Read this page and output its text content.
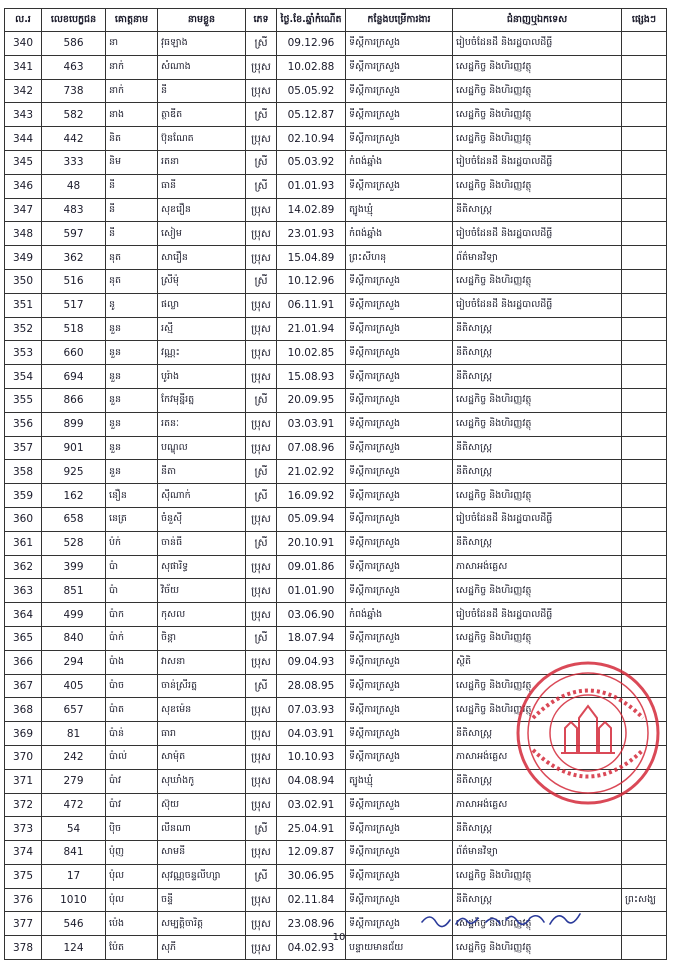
ល.រ	លេខបេក្ខជន	គោត្តនាម	នាមខ្លួន	ភេទ	ថ្ងៃ.ខែ.ឆ្នាំកំណើត	កន្លែងបម្រើការងារ	ជំនាញឬឯកទេស	ផ្សេងៗ
340	586	នា	វុធឡាង	ស្រី	09.12.96	ទីស្ដីការក្រសួង	រៀបចំដែនដី និងរដ្ឋបាលដីធ្លី	
341	463	នាក់	សំណាង	ប្រុស	10.02.88	ទីស្ដីការក្រសួង	សេដ្ឋកិច្ច និងហិរញ្ញវត្ថុ	
342	738	នាក់	នី	ប្រុស	05.05.92	ទីស្ដីការក្រសួង	សេដ្ឋកិច្ច និងហិរញ្ញវត្ថុ	
343	582	នាង	ត្ថាឌីត	ស្រី	05.12.87	ទីស្ដីការក្រសួង	សេដ្ឋកិច្ច និងហិរញ្ញវត្ថុ	
344	442	និត	ប៊ុនណែត	ប្រុស	02.10.94	ទីស្ដីការក្រសួង	សេដ្ឋកិច្ច និងហិរញ្ញវត្ថុ	
345	333	និម	រតនា	ស្រី	05.03.92	កំពង់ឆ្នាំង	រៀបចំដែនដី និងរដ្ឋបាលដីធ្លី	
346	48	នី	ធានី	ស្រី	01.01.93	ទីស្ដីការក្រសួង	សេដ្ឋកិច្ច និងហិរញ្ញវត្ថុ	
347	483	នី	សុខរឿន	ប្រុស	14.02.89	ត្បូងឃ្មុំ	នីតិសាស្ត្រ	
348	597	នី	សៀម	ប្រុស	23.01.93	កំពង់ឆ្នាំង	រៀបចំដែនដី និងរដ្ឋបាលដីធ្លី	
349	362	នុត	សារឿន	ប្រុស	15.04.89	ព្រះសីហនុ	ព័ត៌មានវិទ្យា	
350	516	នុត	ស្រីម៉ុ	ស្រី	10.12.96	ទីស្ដីការក្រសួង	សេដ្ឋកិច្ច និងហិរញ្ញវត្ថុ	
351	517	នូ	ផល្លា	ប្រុស	06.11.91	ទីស្ដីការក្រសួង	រៀបចំដែនដី និងរដ្ឋបាលដីធ្លី	
352	518	នួន	រស្មី	ប្រុស	21.01.94	ទីស្ដីការក្រសួង	នីតិសាស្ត្រ	
353	660	នួន	វណ្ណះ	ប្រុស	10.02.85	ទីស្ដីការក្រសួង	នីតិសាស្ត្រ	
354	694	នួន	បូរ៉ាង	ប្រុស	15.08.93	ទីស្ដីការក្រសួង	នីតិសាស្ត្រ	
355	866	នួន	កែវមុន្នីរត្ន	ស្រី	20.09.95	ទីស្ដីការក្រសួង	សេដ្ឋកិច្ច និងហិរញ្ញវត្ថុ	
356	899	នួន	រតនៈ	ប្រុស	03.03.91	ទីស្ដីការក្រសួង	សេដ្ឋកិច្ច និងហិរញ្ញវត្ថុ	
357	901	នួន	បណ្ឌុល	ប្រុស	07.08.96	ទីស្ដីការក្រសួង	នីតិសាស្ត្រ	
358	925	នួន	នីតា	ស្រី	21.02.92	ទីស្ដីការក្រសួង	នីតិសាស្ត្រ	
359	162	នឿន	ស៊ីណាក់	ស្រី	16.09.92	ទីស្ដីការក្រសួង	សេដ្ឋកិច្ច និងហិរញ្ញវត្ថុ	
360	658	នេត្រ	ចំនួសុី	ប្រុស	05.09.94	ទីស្ដីការក្រសួង	រៀបចំដែនដី និងរដ្ឋបាលដីធ្លី	
361	528	ប៉ក់	ចាន់ធី	ស្រី	20.10.91	ទីស្ដីការក្រសួង	នីតិសាស្ត្រ	
362	399	ប៉ា	សុផារិទ្ធ	ប្រុស	09.01.86	ទីស្ដីការក្រសួង	ភាសាអង់គ្លេស	
363	851	ប៉ា	វិច័យ	ប្រុស	01.01.90	ទីស្ដីការក្រសួង	សេដ្ឋកិច្ច និងហិរញ្ញវត្ថុ	
364	499	ប៉ាក	កុសល	ប្រុស	03.06.90	កំពង់ឆ្នាំង	រៀបចំដែនដី និងរដ្ឋបាលដីធ្លី	
365	840	ប៉ាក់	ចិន្តា	ស្រី	18.07.94	ទីស្ដីការក្រសួង	សេដ្ឋកិច្ច និងហិរញ្ញវត្ថុ	
366	294	ប៉ាង	វាសនា	ប្រុស	09.04.93	ទីស្ដីការក្រសួង	ស្ថិតិ	
367	405	ប៉ាច	ចាន់ស្រីរត្ន	ស្រី	28.08.95	ទីស្ដីការក្រសួង	សេដ្ឋកិច្ច និងហិរញ្ញវត្ថុ	
368	657	ប៉ាត	សុខម៉េន	ប្រុស	07.03.93	ទីស្ដីការក្រសួង	សេដ្ឋកិច្ច និងហិរញ្ញវត្ថុ	
369	81	ប៉ាន់	ធារា	ប្រុស	04.03.91	ទីស្ដីការក្រសួង	នីតិសាស្ត្រ	
370	242	ប៉ាល់	សាម៉ុត	ប្រុស	10.10.93	ទីស្ដីការក្រសួង	ភាសាអង់គ្លេស	
371	279	ប៉ាវ	សុឃាំងកូ	ប្រុស	04.08.94	ត្បូងឃ្មុំ	នីតិសាស្ត្រ	
372	472	ប៉ាវ	ស៊ុយ	ប្រុស	03.02.91	ទីស្ដីការក្រសួង	ភាសាអង់គ្លេស	
373	54	ប៉ិច	លីនណា	ស្រី	25.04.91	ទីស្ដីការក្រសួង	នីតិសាស្ត្រ	
374	841	ប៉ុញ	សាមនី	ប្រុស	12.09.87	ទីស្ដីការក្រសួង	ព័ត៌មានវិទ្យា	
375	17	ប៉ុល	សុវណ្ណចន្ទលីហ្សា	ស្រី	30.06.95	ទីស្ដីការក្រសួង	សេដ្ឋកិច្ច និងហិរញ្ញវត្ថុ	
376	1010	ប៉ុល	ចន្ទី	ប្រុស	02.11.84	ទីស្ដីការក្រសួង	នីតិសាស្ត្រ	ព្រះសង្ឃ
377	546	ប៉េង	សម្បត្តិចារិត្ត	ប្រុស	23.08.96	ទីស្ដីការក្រសួង	សេដ្ឋកិច្ច និងហិរញ្ញវត្ថុ	
378	124	ប៉ែត	សុភី	ប្រុស	04.02.93	បន្ទាយមានជ័យ	សេដ្ឋកិច្ច និងហិរញ្ញវត្ថុ	
10
